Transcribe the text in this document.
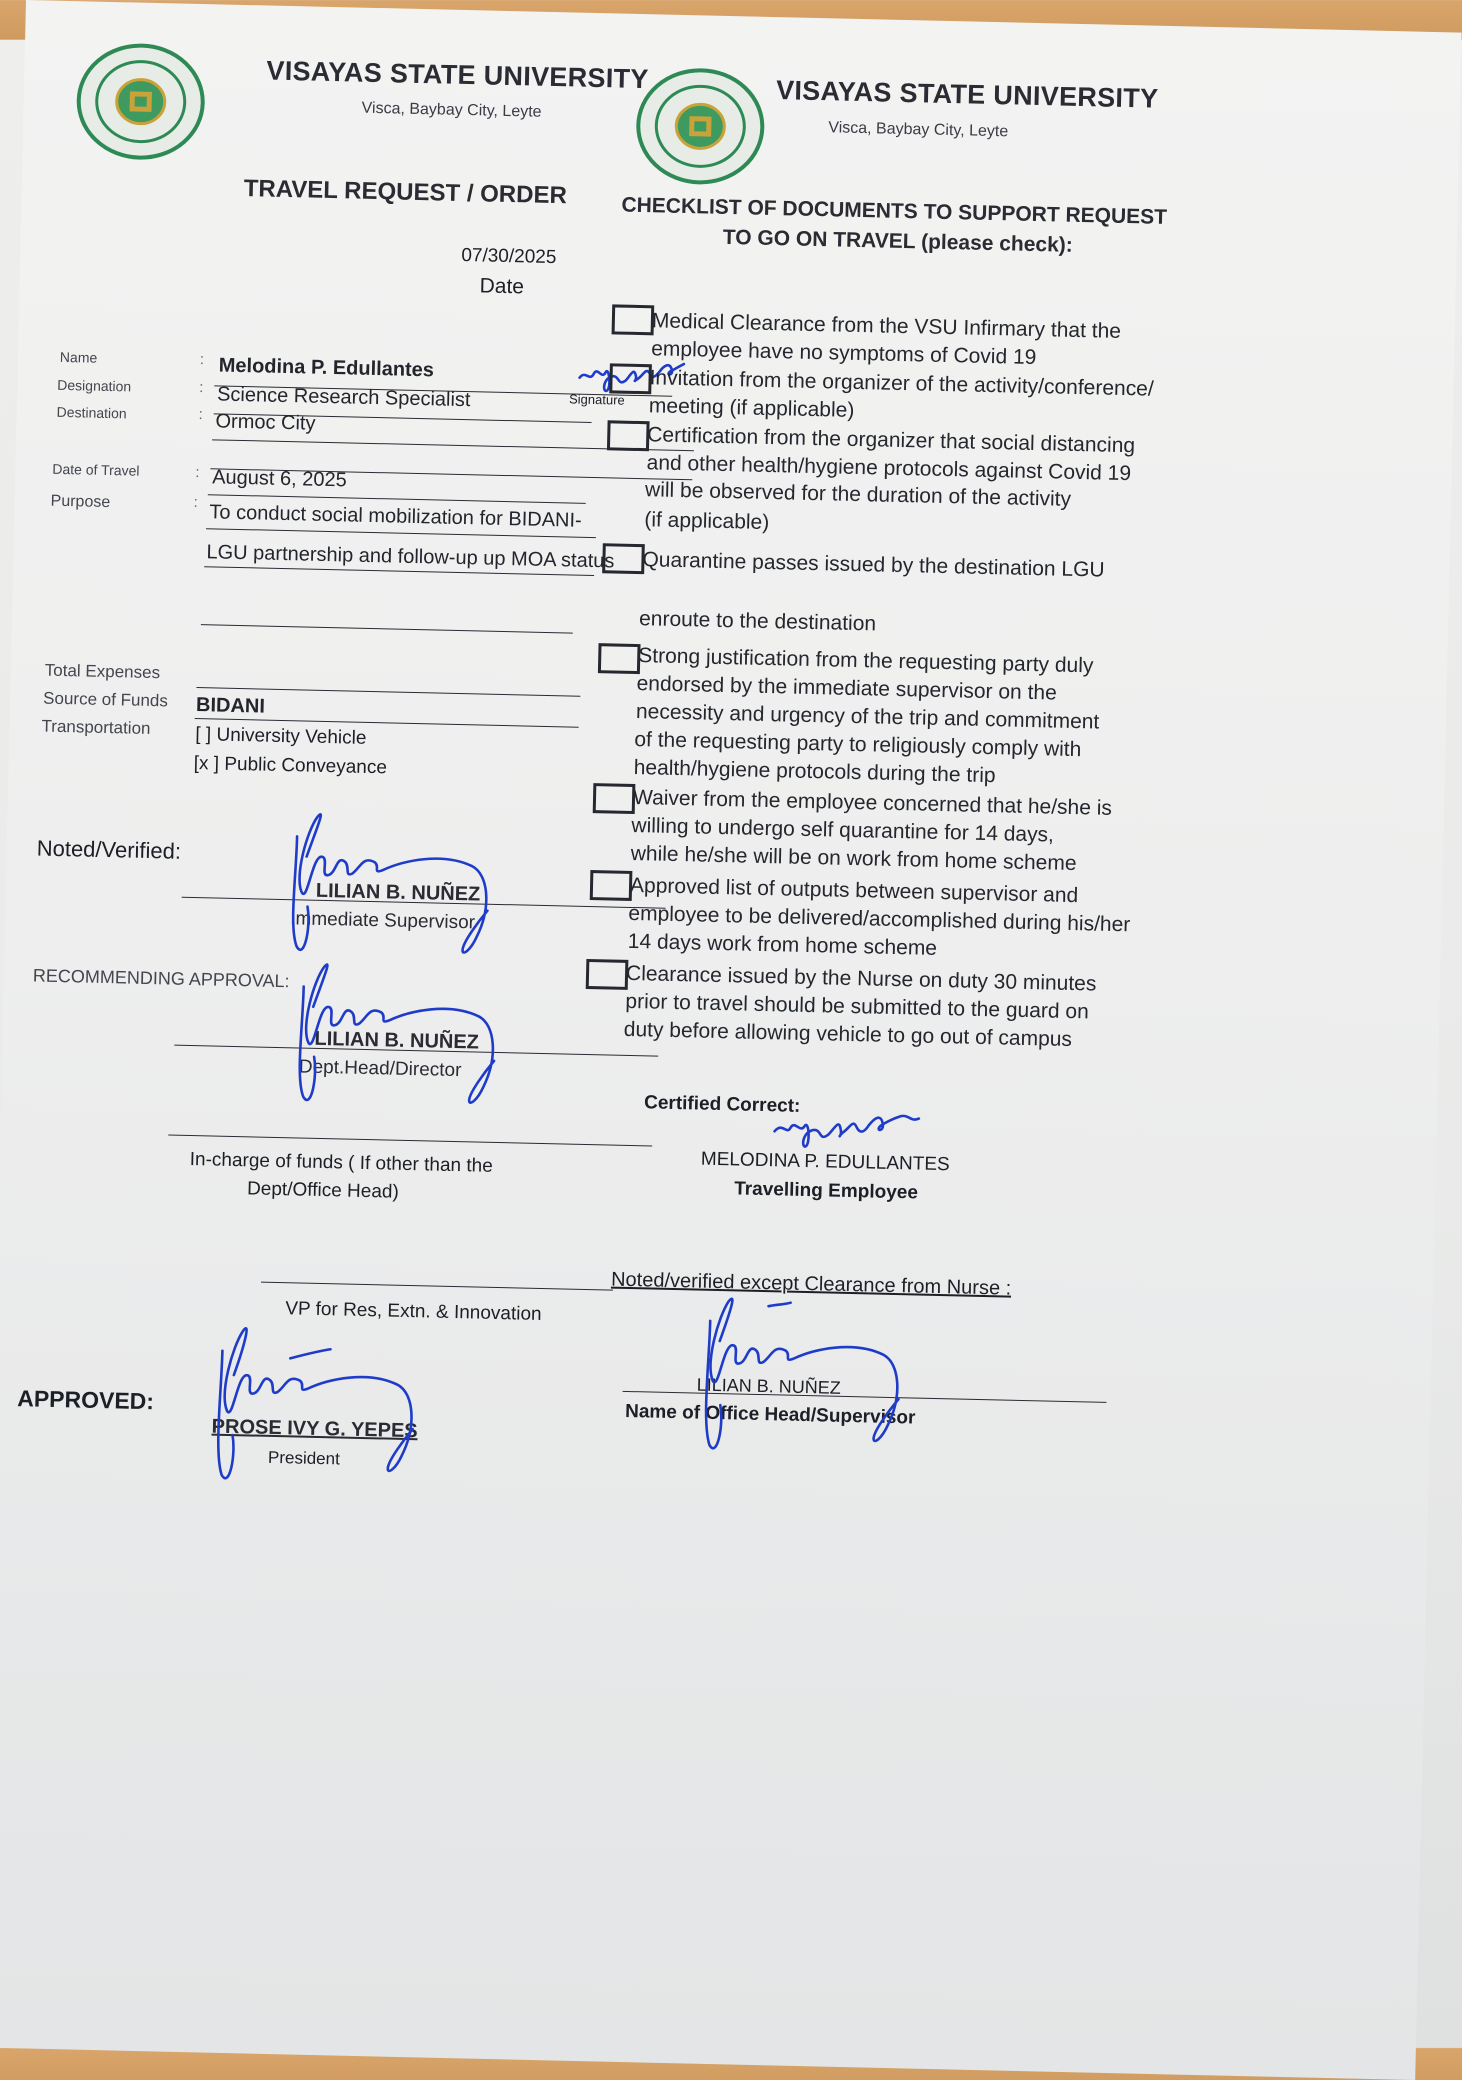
VISAYAS STATE UNIVERSITY
Visca, Baybay City, Leyte
TRAVEL REQUEST / ORDER
07/30/2025
Date
Name	: Melodina P. Edullantes
Signature
Designation	: Science Research Specialist
Destination	: Ormoc City
Date of Travel	: August 6, 2025
Purpose	: To conduct social mobilization for BIDANI-
LGU partnership and follow-up up MOA status
Total Expenses
Source of Funds BIDANI
Transportation [ ] University Vehicle
[x ] Public Conveyance
Noted/Verified:
LILIAN B. NUÑEZ
Immediate Supervisor
RECOMMENDING APPROVAL:
LILIAN B. NUÑEZ
Dept.Head/Director
In-charge of funds ( If other than the
Dept/Office Head)
VP for Res, Extn. & Innovation
APPROVED:
PROSE IVY G. YEPES
President
VISAYAS STATE UNIVERSITY
Visca, Baybay City, Leyte
CHECKLIST OF DOCUMENTS TO SUPPORT REQUEST
TO GO ON TRAVEL (please check):
Medical Clearance from the VSU Infirmary that the
employee have no symptoms of Covid 19
Invitation from the organizer of the activity/conference/
meeting (if applicable)
Certification from the organizer that social distancing
and other health/hygiene protocols against Covid 19
will be observed for the duration of the activity
(if applicable)
Quarantine passes issued by the destination LGU
enroute to the destination
Strong justification from the requesting party duly
endorsed by the immediate supervisor on the
necessity and urgency of the trip and commitment
of the requesting party to religiously comply with
health/hygiene protocols during the trip
Waiver from the employee concerned that he/she is
willing to undergo self quarantine for 14 days,
while he/she will be on work from home scheme
Approved list of outputs between supervisor and
employee to be delivered/accomplished during his/her
14 days work from home scheme
Clearance issued by the Nurse on duty 30 minutes
prior to travel should be submitted to the guard on
duty before allowing vehicle to go out of campus
Certified Correct:
MELODINA P. EDULLANTES
Travelling Employee
Noted/verified except Clearance from Nurse :
LILIAN B. NUÑEZ
Name of Office Head/Supervisor
